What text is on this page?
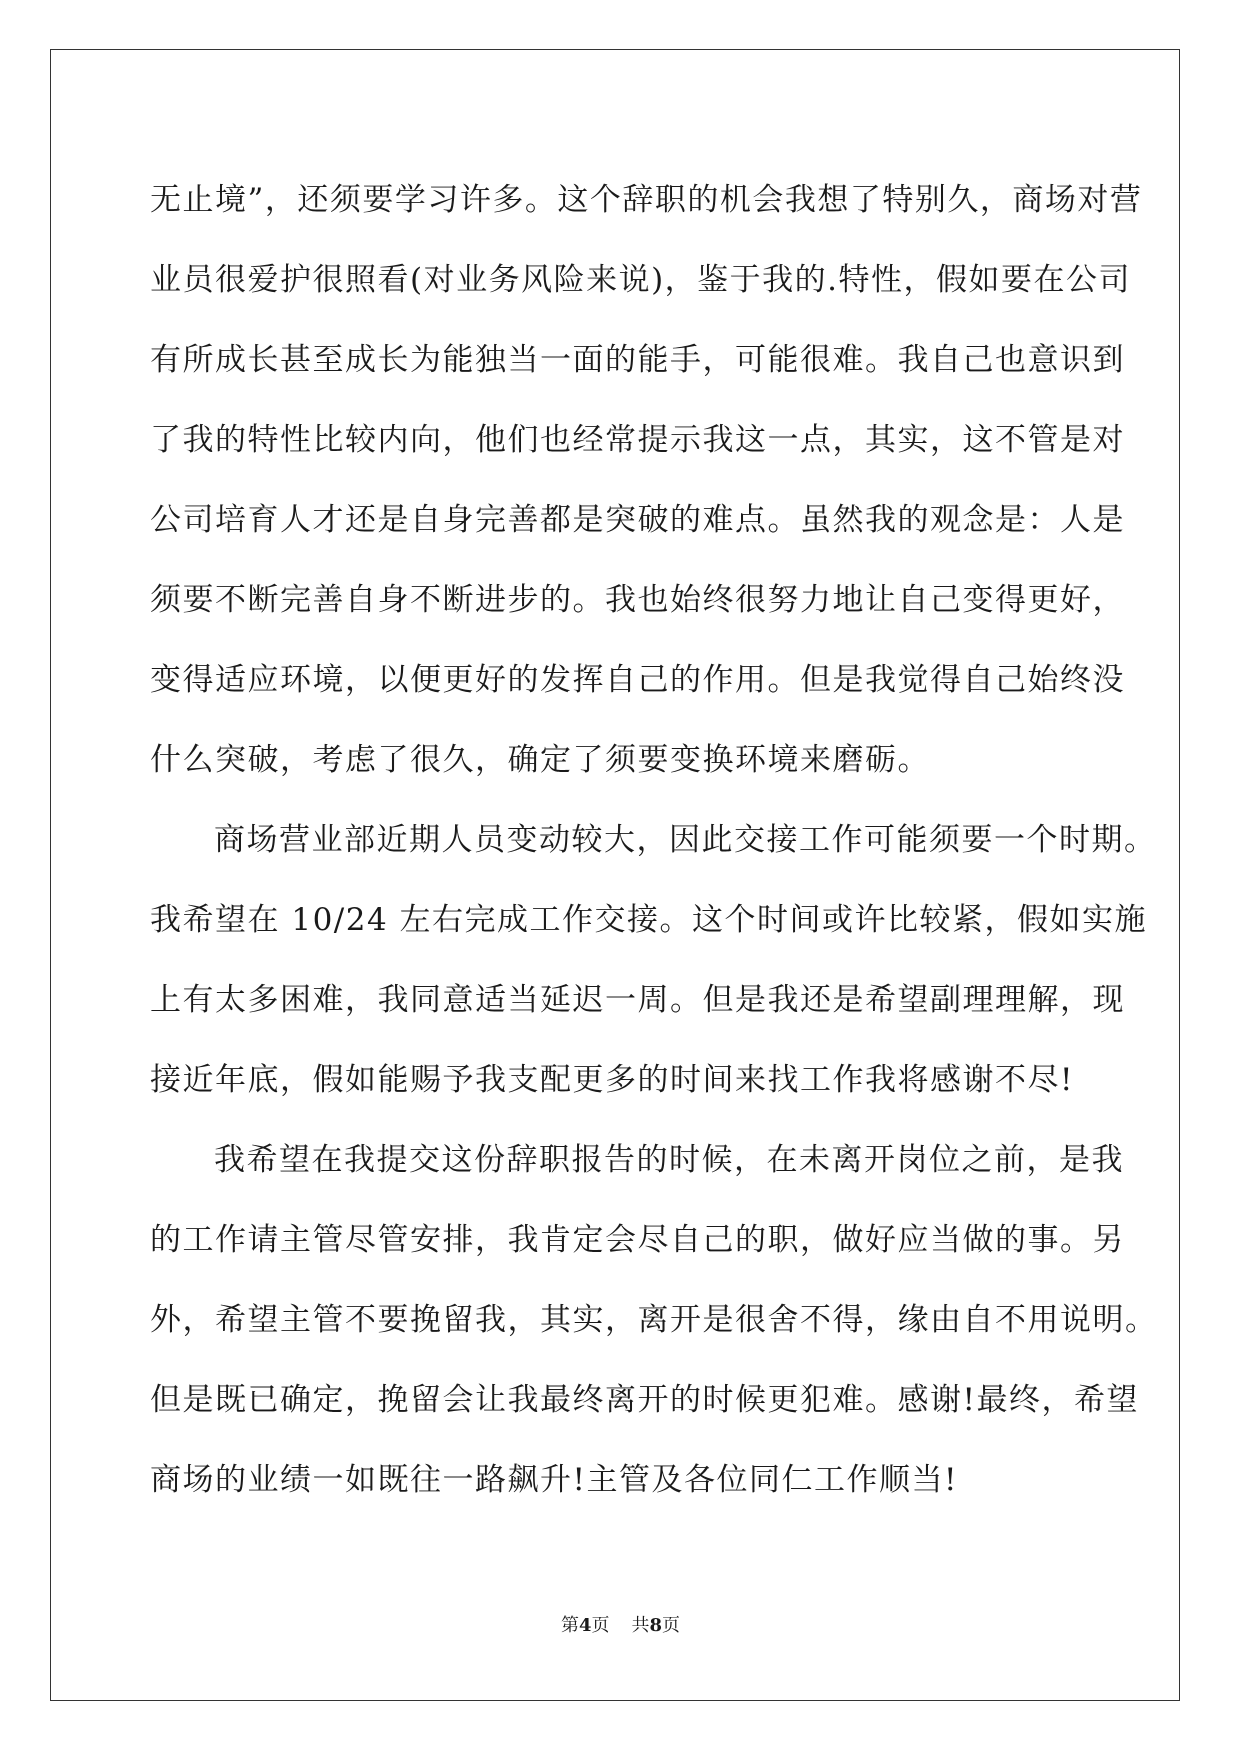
无止境”，还须要学习许多。这个辞职的机会我想了特别久，商场对营
业员很爱护很照看(对业务风险来说)，鉴于我的.特性，假如要在公司
有所成长甚至成长为能独当一面的能手，可能很难。我自己也意识到
了我的特性比较内向，他们也经常提示我这一点，其实，这不管是对
公司培育人才还是自身完善都是突破的难点。虽然我的观念是：人是
须要不断完善自身不断进步的。我也始终很努力地让自己变得更好，
变得适应环境，以便更好的发挥自己的作用。但是我觉得自己始终没
什么突破，考虑了很久，确定了须要变换环境来磨砺。
商场营业部近期人员变动较大，因此交接工作可能须要一个时期。
我希望在 10/24 左右完成工作交接。这个时间或许比较紧，假如实施
上有太多困难，我同意适当延迟一周。但是我还是希望副理理解，现
接近年底，假如能赐予我支配更多的时间来找工作我将感谢不尽!
我希望在我提交这份辞职报告的时候，在未离开岗位之前，是我
的工作请主管尽管安排，我肯定会尽自己的职，做好应当做的事。另
外，希望主管不要挽留我，其实，离开是很舍不得，缘由自不用说明。
但是既已确定，挽留会让我最终离开的时候更犯难。感谢!最终，希望
商场的业绩一如既往一路飙升!主管及各位同仁工作顺当!
第4页 共8页
